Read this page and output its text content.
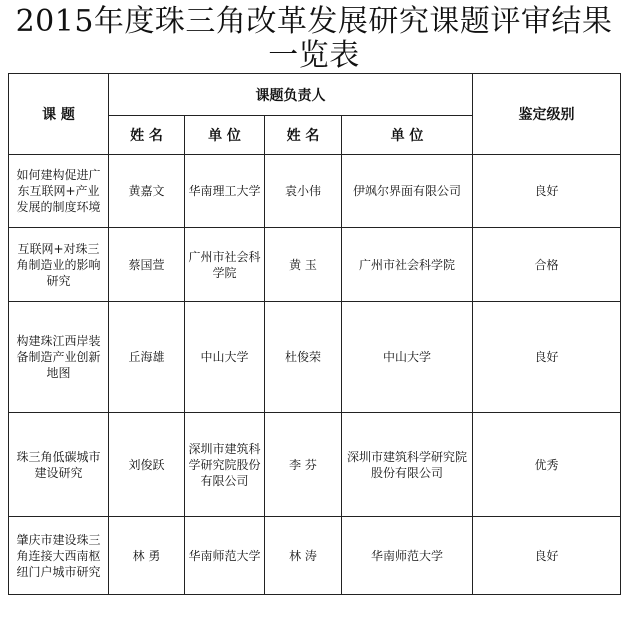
2015年度珠三角改革发展研究课题评审结果
一览表
课 题	课题负责人				鉴定级别
	姓 名	单 位	姓 名	单 位	
如何建构促进广东互联网+产业发展的制度环境	黄嘉文	华南理工大学	袁小伟	伊飒尔界面有限公司	良好
互联网+对珠三角制造业的影响研究	蔡国萱	广州市社会科学院	黄 玉	广州市社会科学院	合格
构建珠江西岸装备制造产业创新地图	丘海雄	中山大学	杜俊荣	中山大学	良好
珠三角低碳城市建设研究	刘俊跃	深圳市建筑科学研究院股份有限公司	李 芬	深圳市建筑科学研究院股份有限公司	优秀
肇庆市建设珠三角连接大西南枢纽门户城市研究	林 勇	华南师范大学	林 涛	华南师范大学	良好
